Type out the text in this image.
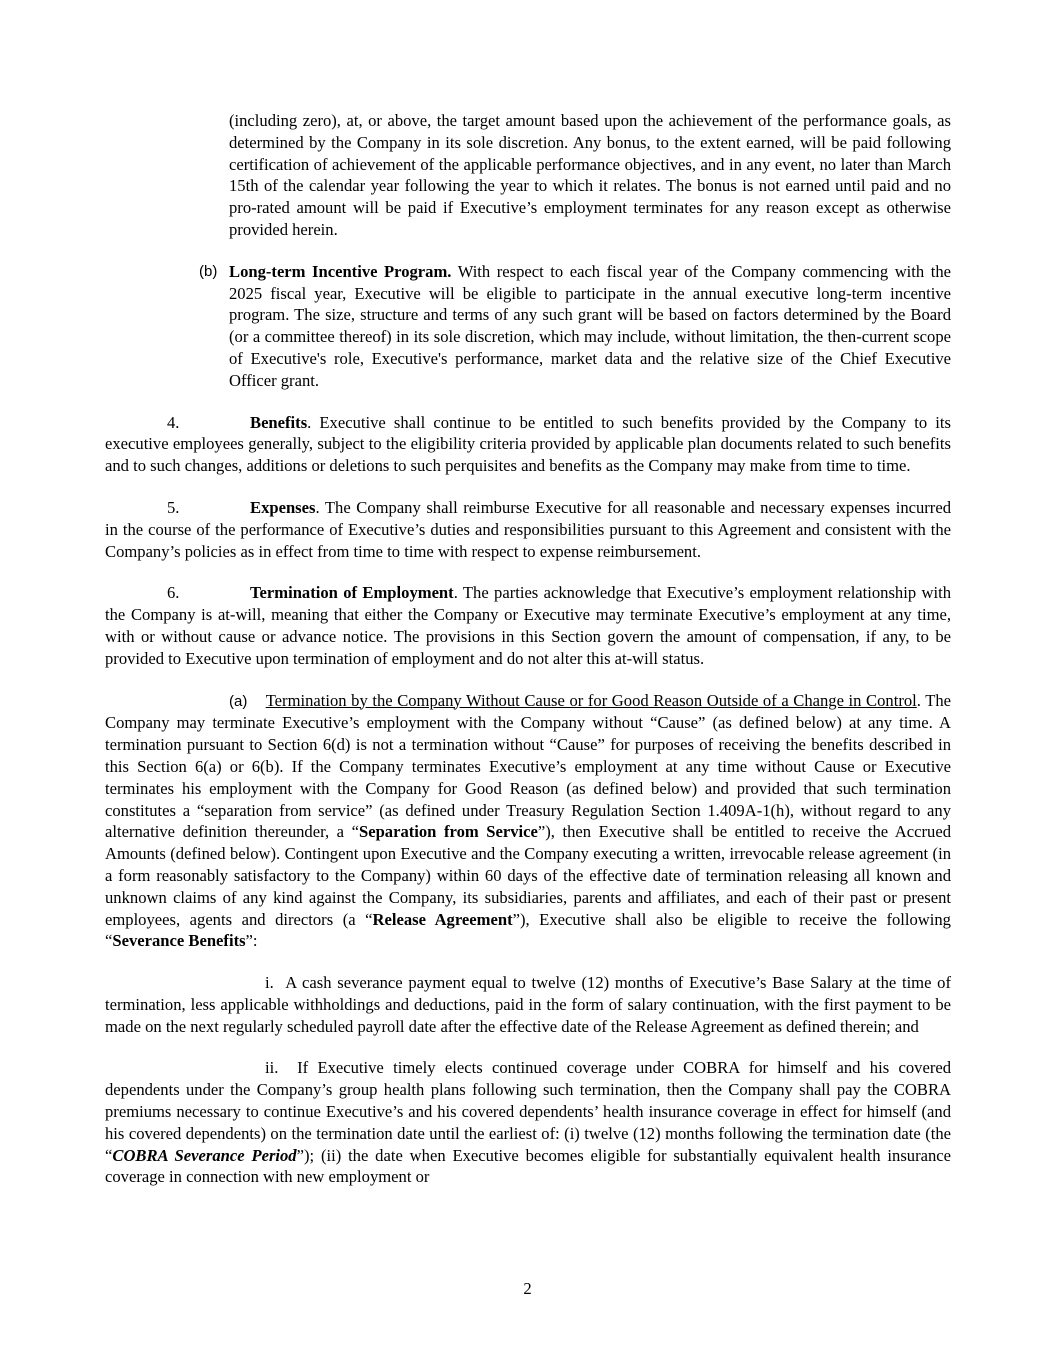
(including zero), at, or above, the target amount based upon the achievement of the performance goals, as determined by the Company in its sole discretion. Any bonus, to the extent earned, will be paid following certification of achievement of the applicable performance objectives, and in any event, no later than March 15th of the calendar year following the year to which it relates. The bonus is not earned until paid and no pro-rated amount will be paid if Executive’s employment terminates for any reason except as otherwise provided herein.

(b) Long-term Incentive Program. With respect to each fiscal year of the Company commencing with the 2025 fiscal year, Executive will be eligible to participate in the annual executive long-term incentive program. The size, structure and terms of any such grant will be based on factors determined by the Board (or a committee thereof) in its sole discretion, which may include, without limitation, the then-current scope of Executive's role, Executive's performance, market data and the relative size of the Chief Executive Officer grant.

4.	Benefits. Executive shall continue to be entitled to such benefits provided by the Company to its executive employees generally, subject to the eligibility criteria provided by applicable plan documents related to such benefits and to such changes, additions or deletions to such perquisites and benefits as the Company may make from time to time.

5.	Expenses. The Company shall reimburse Executive for all reasonable and necessary expenses incurred in the course of the performance of Executive’s duties and responsibilities pursuant to this Agreement and consistent with the Company’s policies as in effect from time to time with respect to expense reimbursement.

6.	Termination of Employment. The parties acknowledge that Executive’s employment relationship with the Company is at-will, meaning that either the Company or Executive may terminate Executive’s employment at any time, with or without cause or advance notice. The provisions in this Section govern the amount of compensation, if any, to be provided to Executive upon termination of employment and do not alter this at-will status.

(a) Termination by the Company Without Cause or for Good Reason Outside of a Change in Control. The Company may terminate Executive’s employment with the Company without “Cause” (as defined below) at any time. A termination pursuant to Section 6(d) is not a termination without “Cause” for purposes of receiving the benefits described in this Section 6(a) or 6(b). If the Company terminates Executive’s employment at any time without Cause or Executive terminates his employment with the Company for Good Reason (as defined below) and provided that such termination constitutes a “separation from service” (as defined under Treasury Regulation Section 1.409A-1(h), without regard to any alternative definition thereunder, a “Separation from Service”), then Executive shall be entitled to receive the Accrued Amounts (defined below). Contingent upon Executive and the Company executing a written, irrevocable release agreement (in a form reasonably satisfactory to the Company) within 60 days of the effective date of termination releasing all known and unknown claims of any kind against the Company, its subsidiaries, parents and affiliates, and each of their past or present employees, agents and directors (a “Release Agreement”), Executive shall also be eligible to receive the following “Severance Benefits”:

i. A cash severance payment equal to twelve (12) months of Executive’s Base Salary at the time of termination, less applicable withholdings and deductions, paid in the form of salary continuation, with the first payment to be made on the next regularly scheduled payroll date after the effective date of the Release Agreement as defined therein; and

ii. If Executive timely elects continued coverage under COBRA for himself and his covered dependents under the Company’s group health plans following such termination, then the Company shall pay the COBRA premiums necessary to continue Executive’s and his covered dependents’ health insurance coverage in effect for himself (and his covered dependents) on the termination date until the earliest of: (i) twelve (12) months following the termination date (the “COBRA Severance Period”); (ii) the date when Executive becomes eligible for substantially equivalent health insurance coverage in connection with new employment or

2
